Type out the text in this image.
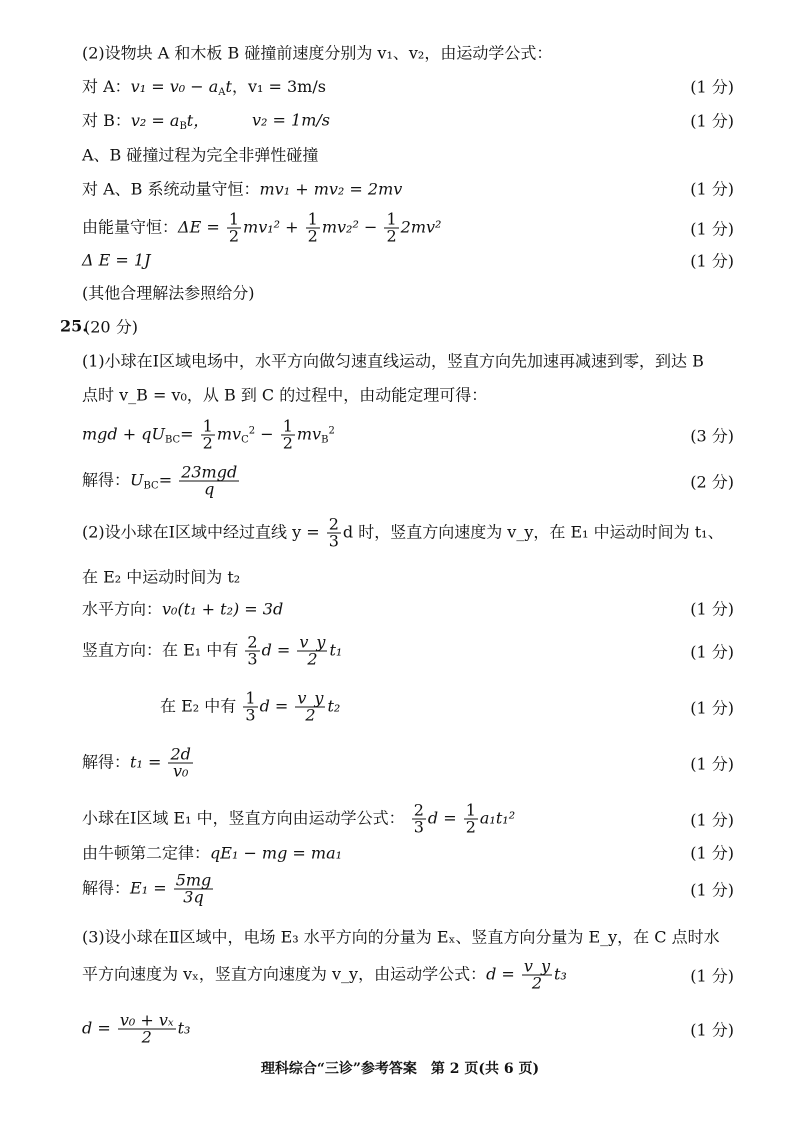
(2)设物块 A 和木板 B 碰撞前速度分别为 v₁、v₂，由运动学公式：
对 A：$v_1 = v_0 - a_At$，v₁ = 3m/s	(1 分)
对 B：$v_2 = a_Bt$，	v₂ = 1m/s	(1 分)
A、B 碰撞过程为完全非弹性碰撞
对 A、B 系统动量守恒：mv₁ + mv₂ = 2mv	(1 分)
由能量守恒：$\Delta E = \frac{1}{2} mv_1^2 + \frac{1}{2} mv_2^2 - \frac{1}{2} 2mv^2$	(1 分)
Δ E = 1J	(1 分)
(其他合理解法参照给分)
25.
(20 分)
(1)小球在Ⅰ区域电场中，水平方向做匀速直线运动，竖直方向先加速再减速到零，到达 B
点时 v_B = v₀，从 B 到 C 的过程中，由动能定理可得：
mgd + $qU_{BC}= \frac{1}{2} mv_C^2 - \frac{1}{2} mv_B^2$	(3 分)
解得：$U_{BC}= \frac{\text{23mgd}}{q}$	(2 分)
(2)设小球在Ⅰ区域中经过直线 $y = \frac{2}{3}$ d 时，竖直方向速度为 v_y，在 E₁ 中运动时间为 t₁、
在 E₂ 中运动时间为 t₂
水平方向：v₀(t₁ + t₂) = 3d	(1 分)
竖直方向：在 E₁ 中有 $\frac{2}{3}$ $d = \frac{v\_y}{2} t_1$	(1 分)
在 E₂ 中有 $\frac{1}{3}$ $d = \frac{v\_y}{2} t_2$	(1 分)
解得：$t_1 = \frac{2d}{\text{v₀}}$	(1 分)
小球在Ⅰ区域 E₁ 中，竖直方向由运动学公式： $\frac{2}{3}$ $d = \frac{1}{2} a_1t_1^2$	(1 分)
由牛顿第二定律：qE₁ − mg = ma₁	(1 分)
解得：$E_1 = \frac{5mg}{3q}$	(1 分)
(3)设小球在Ⅱ区域中，电场 E₃ 水平方向的分量为 Eₓ、竖直方向分量为 E_y，在 C 点时水
平方向速度为 vₓ，竖直方向速度为 v_y，由运动学公式：$d = \frac{v\_y}{2} t_3$	(1 分)
$d = \frac{\text{v₀ + vₓ}}{2} t_3$	(1 分)
理科综合“三诊”参考答案　第 2 页(共 6 页)
